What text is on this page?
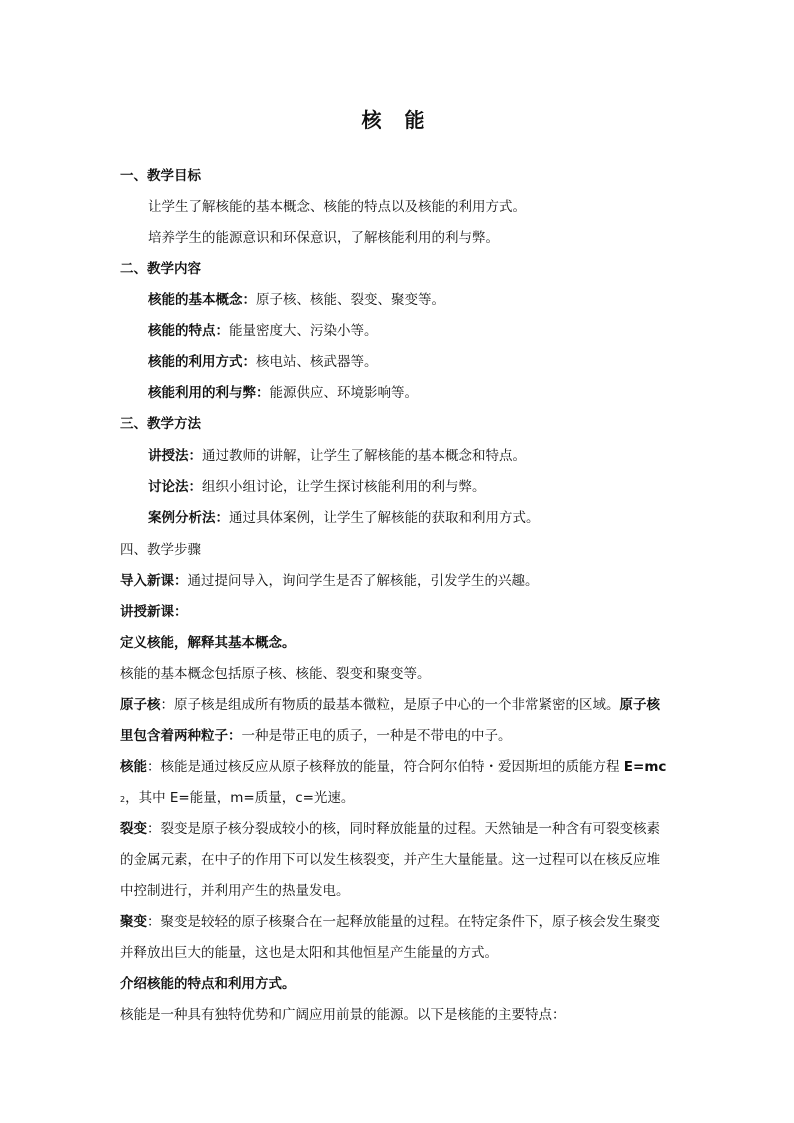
核 能
一、教学目标
让学生了解核能的基本概念、核能的特点以及核能的利用方式。
培养学生的能源意识和环保意识，了解核能利用的利与弊。
二、教学内容
核能的基本概念：原子核、核能、裂变、聚变等。
核能的特点：能量密度大、污染小等。
核能的利用方式：核电站、核武器等。
核能利用的利与弊：能源供应、环境影响等。
三、教学方法
讲授法：通过教师的讲解，让学生了解核能的基本概念和特点。
讨论法：组织小组讨论，让学生探讨核能利用的利与弊。
案例分析法：通过具体案例，让学生了解核能的获取和利用方式。
四、教学步骤
导入新课：通过提问导入，询问学生是否了解核能，引发学生的兴趣。
讲授新课：
定义核能，解释其基本概念。
核能的基本概念包括原子核、核能、裂变和聚变等。
原子核：原子核是组成所有物质的最基本微粒，是原子中心的一个非常紧密的区域。原子核
里包含着两种粒子：一种是带正电的质子，一种是不带电的中子。
核能：核能是通过核反应从原子核释放的能量，符合阿尔伯特・爱因斯坦的质能方程 E=mc
2，其中 E=能量，m=质量，c=光速。
裂变：裂变是原子核分裂成较小的核，同时释放能量的过程。天然铀是一种含有可裂变核素
的金属元素，在中子的作用下可以发生核裂变，并产生大量能量。这一过程可以在核反应堆
中控制进行，并利用产生的热量发电。
聚变：聚变是较轻的原子核聚合在一起释放能量的过程。在特定条件下，原子核会发生聚变
并释放出巨大的能量，这也是太阳和其他恒星产生能量的方式。
介绍核能的特点和利用方式。
核能是一种具有独特优势和广阔应用前景的能源。以下是核能的主要特点：
